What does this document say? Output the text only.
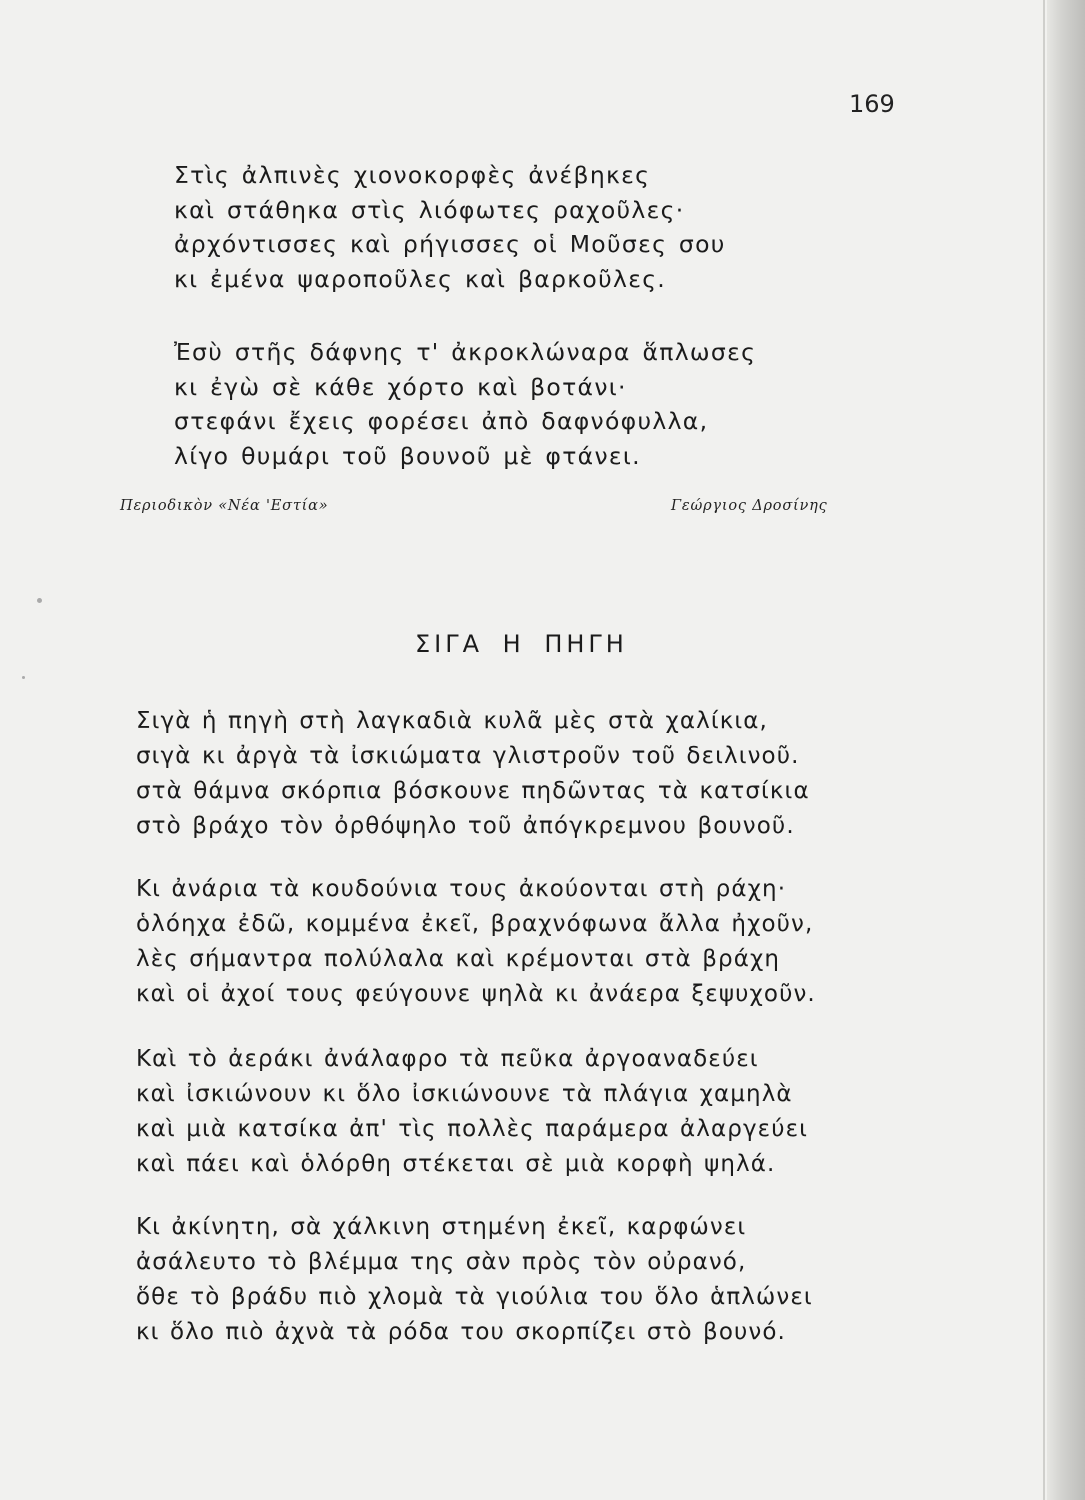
169
Στὶς ἀλπινὲς χιονοκορφὲς ἀνέβηκες
καὶ στάθηκα στὶς λιόφωτες ραχοῦλες·
ἀρχόντισσες καὶ ρήγισσες οἱ Μοῦσες σου
κι ἐμένα ψαροποῦλες καὶ βαρκοῦλες.
Ἐσὺ στῆς δάφνης τ' ἀκροκλώναρα ἅπλωσες
κι ἐγὼ σὲ κάθε χόρτο καὶ βοτάνι·
στεφάνι ἔχεις φορέσει ἀπὸ δαφνόφυλλα,
λίγο θυμάρι τοῦ βουνοῦ μὲ φτάνει.
Περιοδικὸν «Νέα 'Εστία»	Γεώργιος Δροσίνης
ΣΙΓΑ Η ΠΗΓΗ
Σιγὰ ἡ πηγὴ στὴ λαγκαδιὰ κυλᾶ μὲς στὰ χαλίκια,
σιγὰ κι ἀργὰ τὰ ἰσκιώματα γλιστροῦν τοῦ δειλινοῦ.
στὰ θάμνα σκόρπια βόσκουνε πηδῶντας τὰ κατσίκια
στὸ βράχο τὸν ὀρθόψηλο τοῦ ἀπόγκρεμνου βουνοῦ.
Κι ἀνάρια τὰ κουδούνια τους ἀκούονται στὴ ράχη·
ὁλόηχα ἐδῶ, κομμένα ἐκεῖ, βραχνόφωνα ἄλλα ἠχοῦν,
λὲς σήμαντρα πολύλαλα καὶ κρέμονται στὰ βράχη
καὶ οἱ ἀχοί τους φεύγουνε ψηλὰ κι ἀνάερα ξεψυχοῦν.
Καὶ τὸ ἀεράκι ἀνάλαφρο τὰ πεῦκα ἀργοαναδεύει
καὶ ἰσκιώνουν κι ὅλο ἰσκιώνουνε τὰ πλάγια χαμηλὰ
καὶ μιὰ κατσίκα ἀπ' τὶς πολλὲς παράμερα ἀλαργεύει
καὶ πάει καὶ ὁλόρθη στέκεται σὲ μιὰ κορφὴ ψηλά.
Κι ἀκίνητη, σὰ χάλκινη στημένη ἐκεῖ, καρφώνει
ἀσάλευτο τὸ βλέμμα της σὰν πρὸς τὸν οὐρανό,
ὅθε τὸ βράδυ πιὸ χλομὰ τὰ γιούλια του ὅλο ἁπλώνει
κι ὅλο πιὸ ἀχνὰ τὰ ρόδα του σκορπίζει στὸ βουνό.
